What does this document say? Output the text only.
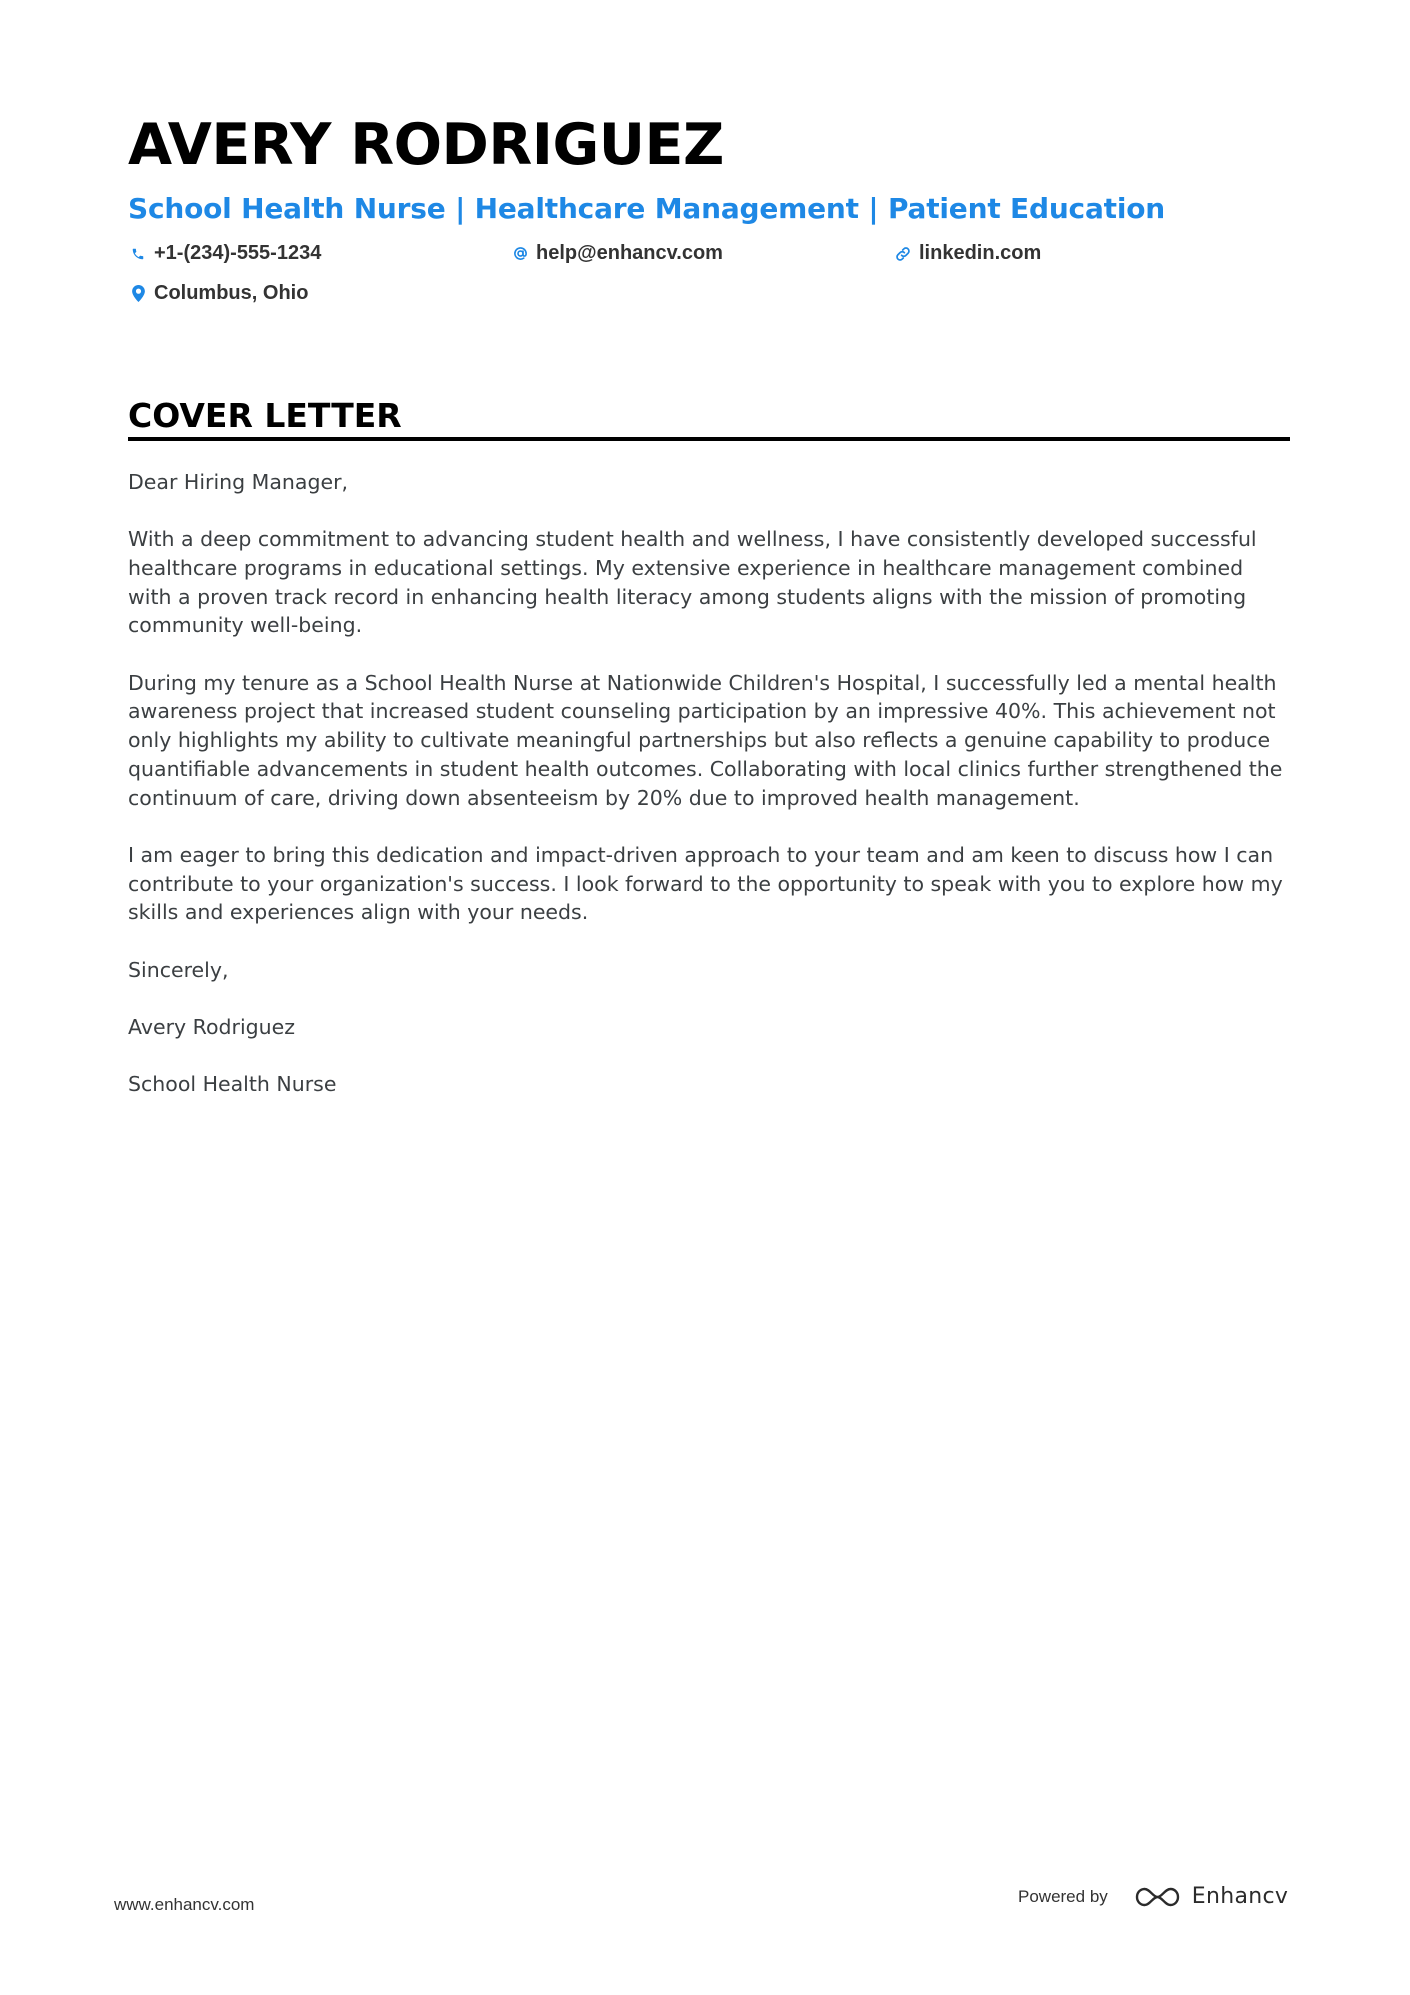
AVERY RODRIGUEZ
School Health Nurse | Healthcare Management | Patient Education
+1-(234)-555-1234	help@enhancv.com	linkedin.com
Columbus, Ohio
COVER LETTER

Dear Hiring Manager,

With a deep commitment to advancing student health and wellness, I have consistently developed successful healthcare programs in educational settings. My extensive experience in healthcare management combined with a proven track record in enhancing health literacy among students aligns with the mission of promoting community well-being.

During my tenure as a School Health Nurse at Nationwide Children's Hospital, I successfully led a mental health awareness project that increased student counseling participation by an impressive 40%. This achievement not only highlights my ability to cultivate meaningful partnerships but also reflects a genuine capability to produce quantifiable advancements in student health outcomes. Collaborating with local clinics further strengthened the continuum of care, driving down absenteeism by 20% due to improved health management.

I am eager to bring this dedication and impact-driven approach to your team and am keen to discuss how I can contribute to your organization's success. I look forward to the opportunity to speak with you to explore how my skills and experiences align with your needs.

Sincerely,

Avery Rodriguez

School Health Nurse

www.enhancv.com	Powered by	Enhancv
